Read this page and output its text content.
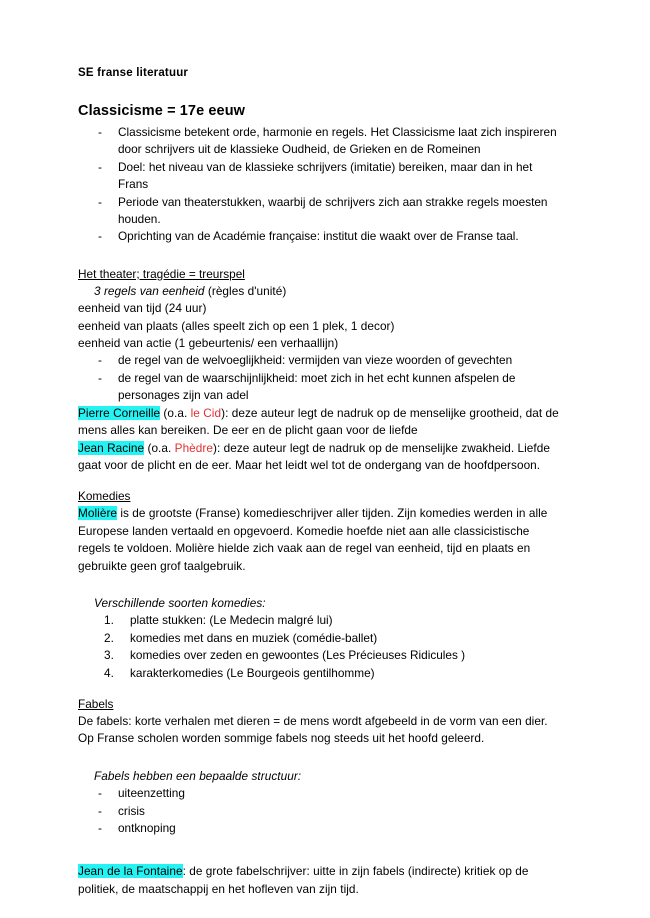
SE franse literatuur
Classicisme = 17e eeuw
- Classicisme betekent orde, harmonie en regels. Het Classicisme laat zich inspireren door schrijvers uit de klassieke Oudheid, de Grieken en de Romeinen
- Doel: het niveau van de klassieke schrijvers (imitatie) bereiken, maar dan in het Frans
- Periode van theaterstukken, waarbij de schrijvers zich aan strakke regels moesten houden.
- Oprichting van de Académie française: institut die waakt over de Franse taal.
Het theater; tragédie = treurspel

3 regels van eenheid (règles d'unité)

eenheid van tijd (24 uur)

eenheid van plaats (alles speelt zich op een 1 plek, 1 decor)

eenheid van actie (1 gebeurtenis/ een verhaallijn)

- de regel van de welvoeglijkheid: vermijden van vieze woorden of gevechten
- de regel van de waarschijnlijkheid: moet zich in het echt kunnen afspelen de personages zijn van adel

Pierre Corneille (o.a. le Cid): deze auteur legt de nadruk op de menselijke grootheid, dat de mens alles kan bereiken. De eer en de plicht gaan voor de liefde

Jean Racine (o.a. Phèdre): deze auteur legt de nadruk op de menselijke zwakheid. Liefde gaat voor de plicht en de eer. Maar het leidt wel tot de ondergang van de hoofdpersoon.

Komedies

Molière is de grootste (Franse) komedieschrijver aller tijden. Zijn komedies werden in alle Europese landen vertaald en opgevoerd. Komedie hoefde niet aan alle classicistische regels te voldoen. Molière hielde zich vaak aan de regel van eenheid, tijd en plaats en gebruikte geen grof taalgebruik.

Verschillende soorten komedies:

platte stukken: (Le Medecin malgré lui)
komedies met dans en muziek (comédie-ballet)
komedies over zeden en gewoontes (Les Précieuses Ridicules )
karakterkomedies (Le Bourgeois gentilhomme)
Fabels

De fabels: korte verhalen met dieren = de mens wordt afgebeeld in de vorm van een dier. Op Franse scholen worden sommige fabels nog steeds uit het hoofd geleerd.

Fabels hebben een bepaalde structuur:

- uiteenzetting
- crisis
- ontknoping

Jean de la Fontaine: de grote fabelschrijver: uitte in zijn fabels (indirecte) kritiek op de politiek, de maatschappij en het hofleven van zijn tijd.
